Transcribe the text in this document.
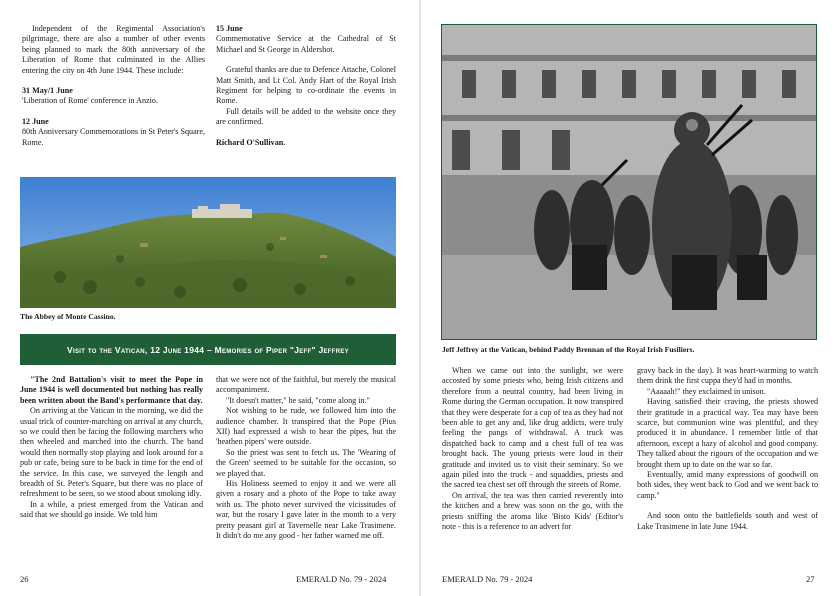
Independent of the Regimental Association's pilgrimage, there are also a number of other events being planned to mark the 80th anniversary of the Liberation of Rome that culminated in the Allies entering the city on 4th June 1944. These include:

31 May/1 June

'Liberation of Rome' conference in Anzio.

12 June

80th Anniversary Commemorations in St Peter's Square, Rome.

15 June

Commemorative Service at the Cathedral of St Michael and St George in Aldershot.

Grateful thanks are due to Defence Attache, Colonel Matt Smith, and Lt Col. Andy Hart of the Royal Irish Regiment for helping to co-ordinate the events in Rome.

Full details will be added to the website once they are confirmed.

Richard O'Sullivan.

The Abbey of Monte Cassino.
Visit to the Vatican, 12 June 1944 – Memories of Piper "Jeff" Jeffrey

"The 2nd Battalion's visit to meet the Pope in June 1944 is well documented but nothing has really been written about the Band's performance that day.

On arriving at the Vatican in the morning, we did the usual trick of counter-marching on arrival at any church, so we could then be facing the following marchers who then wheeled and marched into the church. The band would then normally stop playing and look around for a pub or cafe, being sure to be back in time for the end of the service. In this case, we surveyed the length and breadth of St. Peter's Square, but there was no place of refreshment to be seen, so we stood about smoking idly.

In a while, a priest emerged from the Vatican and said that we should go inside. We told him

that we were not of the faithful, but merely the musical accompaniment.

"It doesn't matter," he said, "come along in."

Not wishing to be rude, we followed him into the audience chamber. It transpired that the Pope (Pius XII) had expressed a wish to hear the pipes, but the 'heathen pipers' were outside.

So the priest was sent to fetch us. The 'Wearing of the Green' seemed to be suitable for the occasion, so we played that.

His Holiness seemed to enjoy it and we were all given a rosary and a photo of the Pope to take away with us. The photo never survived the vicissitudes of war, but the rosary I gave later in the month to a very pretty peasant girl at Tavernelle near Lake Trasimene. It didn't do me any good - her father warned me off.

26	EMERALD No. 79 - 2024
Jeff Jeffrey at the Vatican, behind Paddy Brennan of the Royal Irish Fusiliers.

When we came out into the sunlight, we were accosted by some priests who, being Irish citizens and therefore from a neutral country, had been living in Rome during the German occupation. It now transpired that they were desperate for a cup of tea as they had not been able to get any and, like drug addicts, were truly feeling the pangs of withdrawal. A truck was dispatched back to camp and a chest full of tea was brought back. The young priests were loud in their gratitude and invited us to visit their seminary. So we again piled into the truck - and squaddies, priests and the sacred tea chest set off through the streets of Rome.

On arrival, the tea was then carried reverently into the kitchen and a brew was soon on the go, with the priests sniffing the aroma like 'Bisto Kids' (Editor's note - this is a reference to an advert for

gravy back in the day). It was heart-warming to watch them drink the first cuppa they'd had in months.

"Aaaaah!" they exclaimed in unison.

Having satisfied their craving, the priests showed their gratitude in a practical way. Tea may have been scarce, but communion wine was plentiful, and they produced it in abundance. I remember little of that afternoon, except a hazy of alcohol and good company. They talked about the rigours of the occupation and we brought them up to date on the war so far.

Eventually, amid many expressions of goodwill on both sides, they went back to God and we went back to camp."

And soon onto the battlefields south and west of Lake Trasimene in late June 1944.

EMERALD No. 79 - 2024	27
